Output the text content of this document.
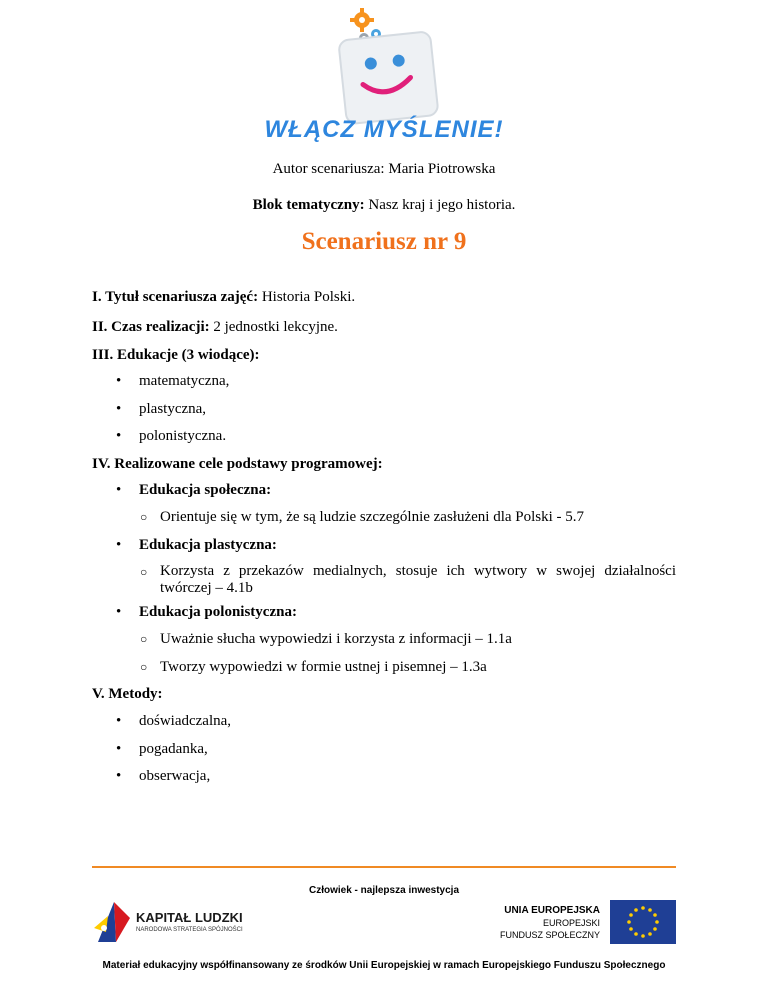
WŁĄCZ MYŚLENIE!
Autor scenariusza: Maria Piotrowska
Blok tematyczny: Nasz kraj i jego historia.
Scenariusz nr 9
I. Tytuł scenariusza zajęć: Historia Polski.
II. Czas realizacji: 2 jednostki lekcyjne.
III. Edukacje (3 wiodące):
• matematyczna,
• plastyczna,
• polonistyczna.
IV. Realizowane cele podstawy programowej:
• Edukacja społeczna:
○ Orientuje się w tym, że są ludzie szczególnie zasłużeni dla Polski - 5.7
• Edukacja plastyczna:
○ Korzysta z przekazów medialnych, stosuje ich wytwory w swojej działalności twórczej – 4.1b
• Edukacja polonistyczna:
○ Uważnie słucha wypowiedzi i korzysta z informacji – 1.1a
○ Tworzy wypowiedzi w formie ustnej i pisemnej – 1.3a
V. Metody:
• doświadczalna,
• pogadanka,
• obserwacja,
Człowiek - najlepsza inwestycja
KAPITAŁ LUDZKI
NARODOWA STRATEGIA SPÓJNOŚCI
UNIA EUROPEJSKA
EUROPEJSKI
FUNDUSZ SPOŁECZNY
Materiał edukacyjny współfinansowany ze środków Unii Europejskiej w ramach Europejskiego Funduszu Społecznego
